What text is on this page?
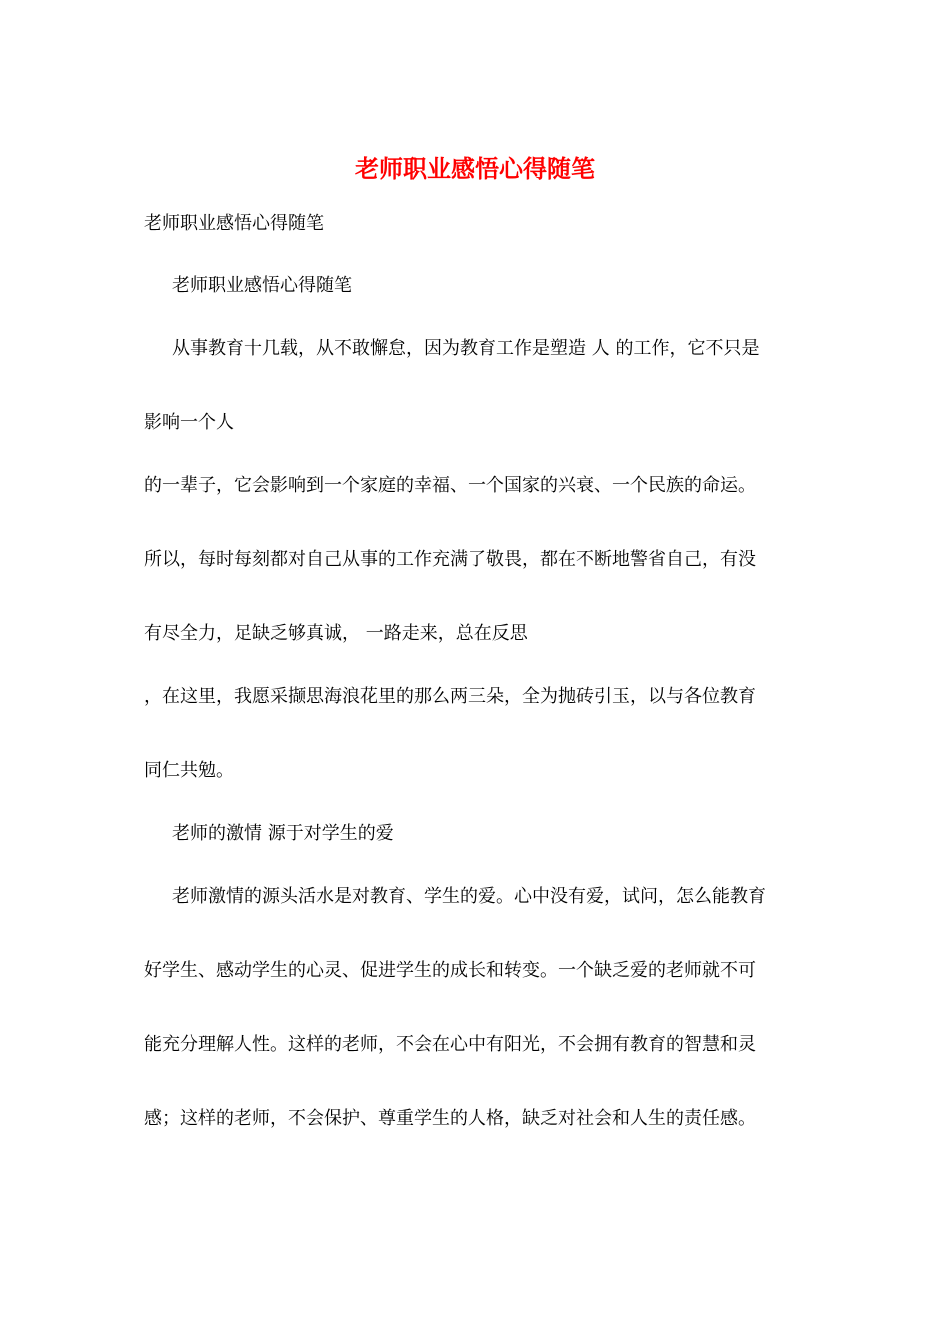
老师职业感悟心得随笔
老师职业感悟心得随笔
老师职业感悟心得随笔
从事教育十几载，从不敢懈怠，因为教育工作是塑造 人 的工作，它不只是
影响一个人
的一辈子，它会影响到一个家庭的幸福、一个国家的兴衰、一个民族的命运。
所以，每时每刻都对自己从事的工作充满了敬畏，都在不断地警省自己，有没
有尽全力，足缺乏够真诚， 一路走来，总在反思
，在这里，我愿采撷思海浪花里的那么两三朵，全为抛砖引玉，以与各位教育
同仁共勉。
老师的激情 源于对学生的爱
老师激情的源头活水是对教育、学生的爱。心中没有爱，试问，怎么能教育
好学生、感动学生的心灵、促进学生的成长和转变。一个缺乏爱的老师就不可
能充分理解人性。这样的老师，不会在心中有阳光，不会拥有教育的智慧和灵
感；这样的老师，不会保护、尊重学生的人格，缺乏对社会和人生的责任感。
